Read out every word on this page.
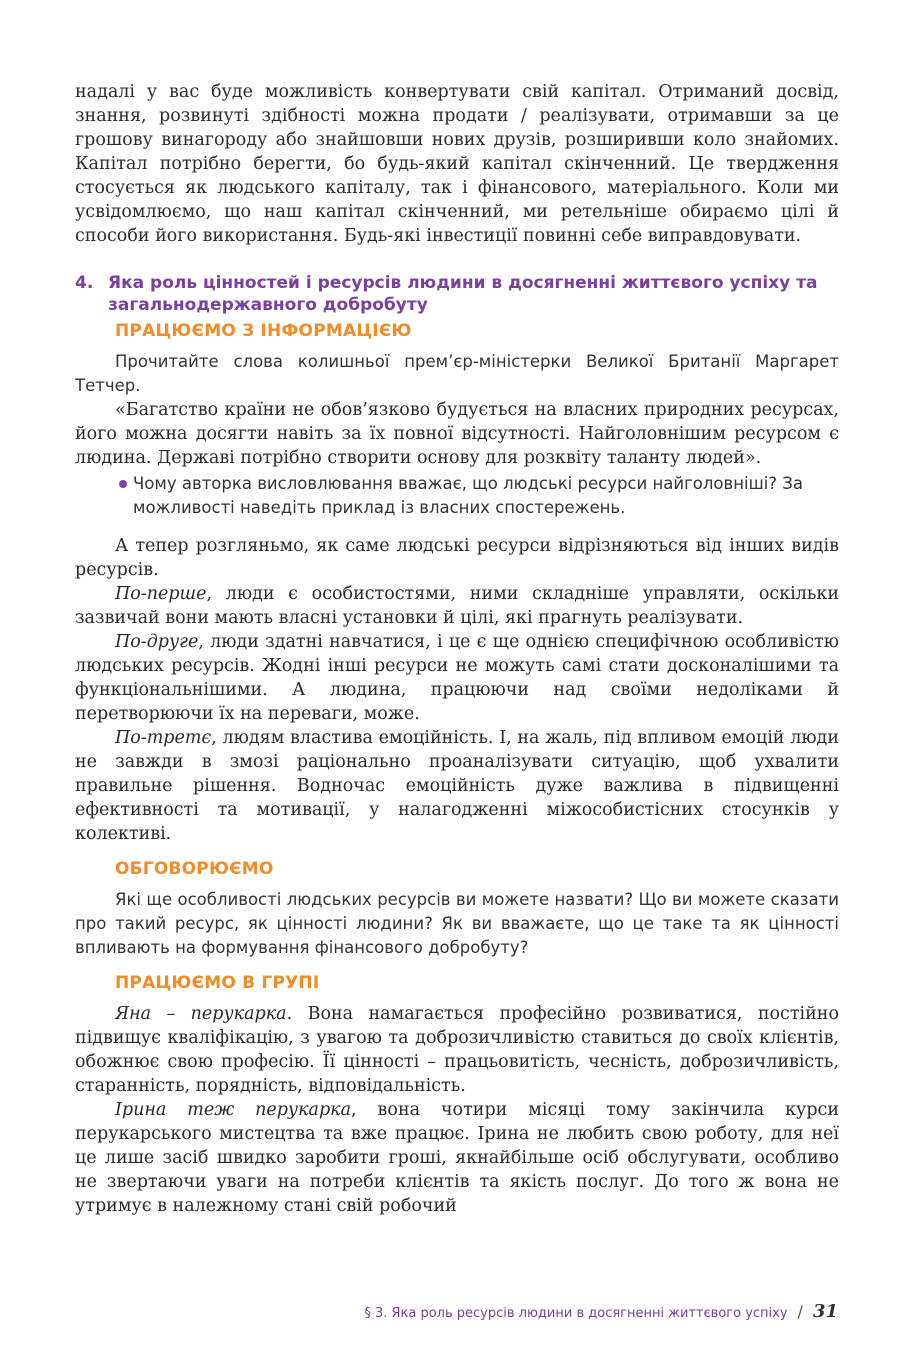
надалі у вас буде можливість конвертувати свій капітал. Отриманий досвід, знання, розвинуті здібності можна продати / реалізувати, отримавши за це грошову винагороду або знайшовши нових друзів, розширивши коло знайомих. Капітал потрібно берегти, бо будь-який капітал скінченний. Це твердження стосується як людського капіталу, так і фінансового, матеріального. Коли ми усвідомлюємо, що наш капітал скінченний, ми ретельніше обираємо цілі й способи його використання. Будь-які інвестиції повинні себе виправдовувати.

4. Яка роль цінностей і ресурсів людини в досягненні життєвого успіху та загальнодержавного добробуту
ПРАЦЮЄМО З ІНФОРМАЦІЄЮ

Прочитайте слова колишньої прем’єр-міністерки Великої Британії Маргарет Тетчер.

«Багатство країни не обов’язково будується на власних природних ресурсах, його можна досягти навіть за їх повної відсутності. Найголовнішим ресурсом є людина. Державі потрібно створити основу для розквіту таланту людей».

Чому авторка висловлювання вважає, що людські ресурси найголовніші? За можливості наведіть приклад із власних спостережень.

А тепер розгляньмо, як саме людські ресурси відрізняються від інших видів ресурсів.

По-перше, люди є особистостями, ними складніше управляти, оскільки зазвичай вони мають власні установки й цілі, які прагнуть реалізувати.

По-друге, люди здатні навчатися, і це є ще однією специфічною особливістю людських ресурсів. Жодні інші ресурси не можуть самі стати досконалішими та функціональнішими. А людина, працюючи над своїми недоліками й перетворюючи їх на переваги, може.

По-третє, людям властива емоційність. І, на жаль, під впливом емоцій люди не завжди в змозі раціонально проаналізувати ситуацію, щоб ухвалити правильне рішення. Водночас емоційність дуже важлива в підвищенні ефективності та мотивації, у налагодженні міжособистісних стосунків у колективі.

ОБГОВОРЮЄМО

Які ще особливості людських ресурсів ви можете назвати? Що ви можете сказати про такий ресурс, як цінності людини? Як ви вважаєте, що це таке та як цінності впливають на формування фінансового добробуту?

ПРАЦЮЄМО В ГРУПІ

Яна – перукарка. Вона намагається професійно розвиватися, постійно підвищує кваліфікацію, з увагою та доброзичливістю ставиться до своїх клієнтів, обожнює свою професію. Її цінності – працьовитість, чесність, доброзичливість, старанність, порядність, відповідальність.

Ірина теж перукарка, вона чотири місяці тому закінчила курси перукарського мистецтва та вже працює. Ірина не любить свою роботу, для неї це лише засіб швидко заробити гроші, якнайбільше осіб обслугувати, особливо не звертаючи уваги на потреби клієнтів та якість послуг. До того ж вона не утримує в належному стані свій робочий

§ 3. Яка роль ресурсів людини в досягненні життєвого успіху / 31
